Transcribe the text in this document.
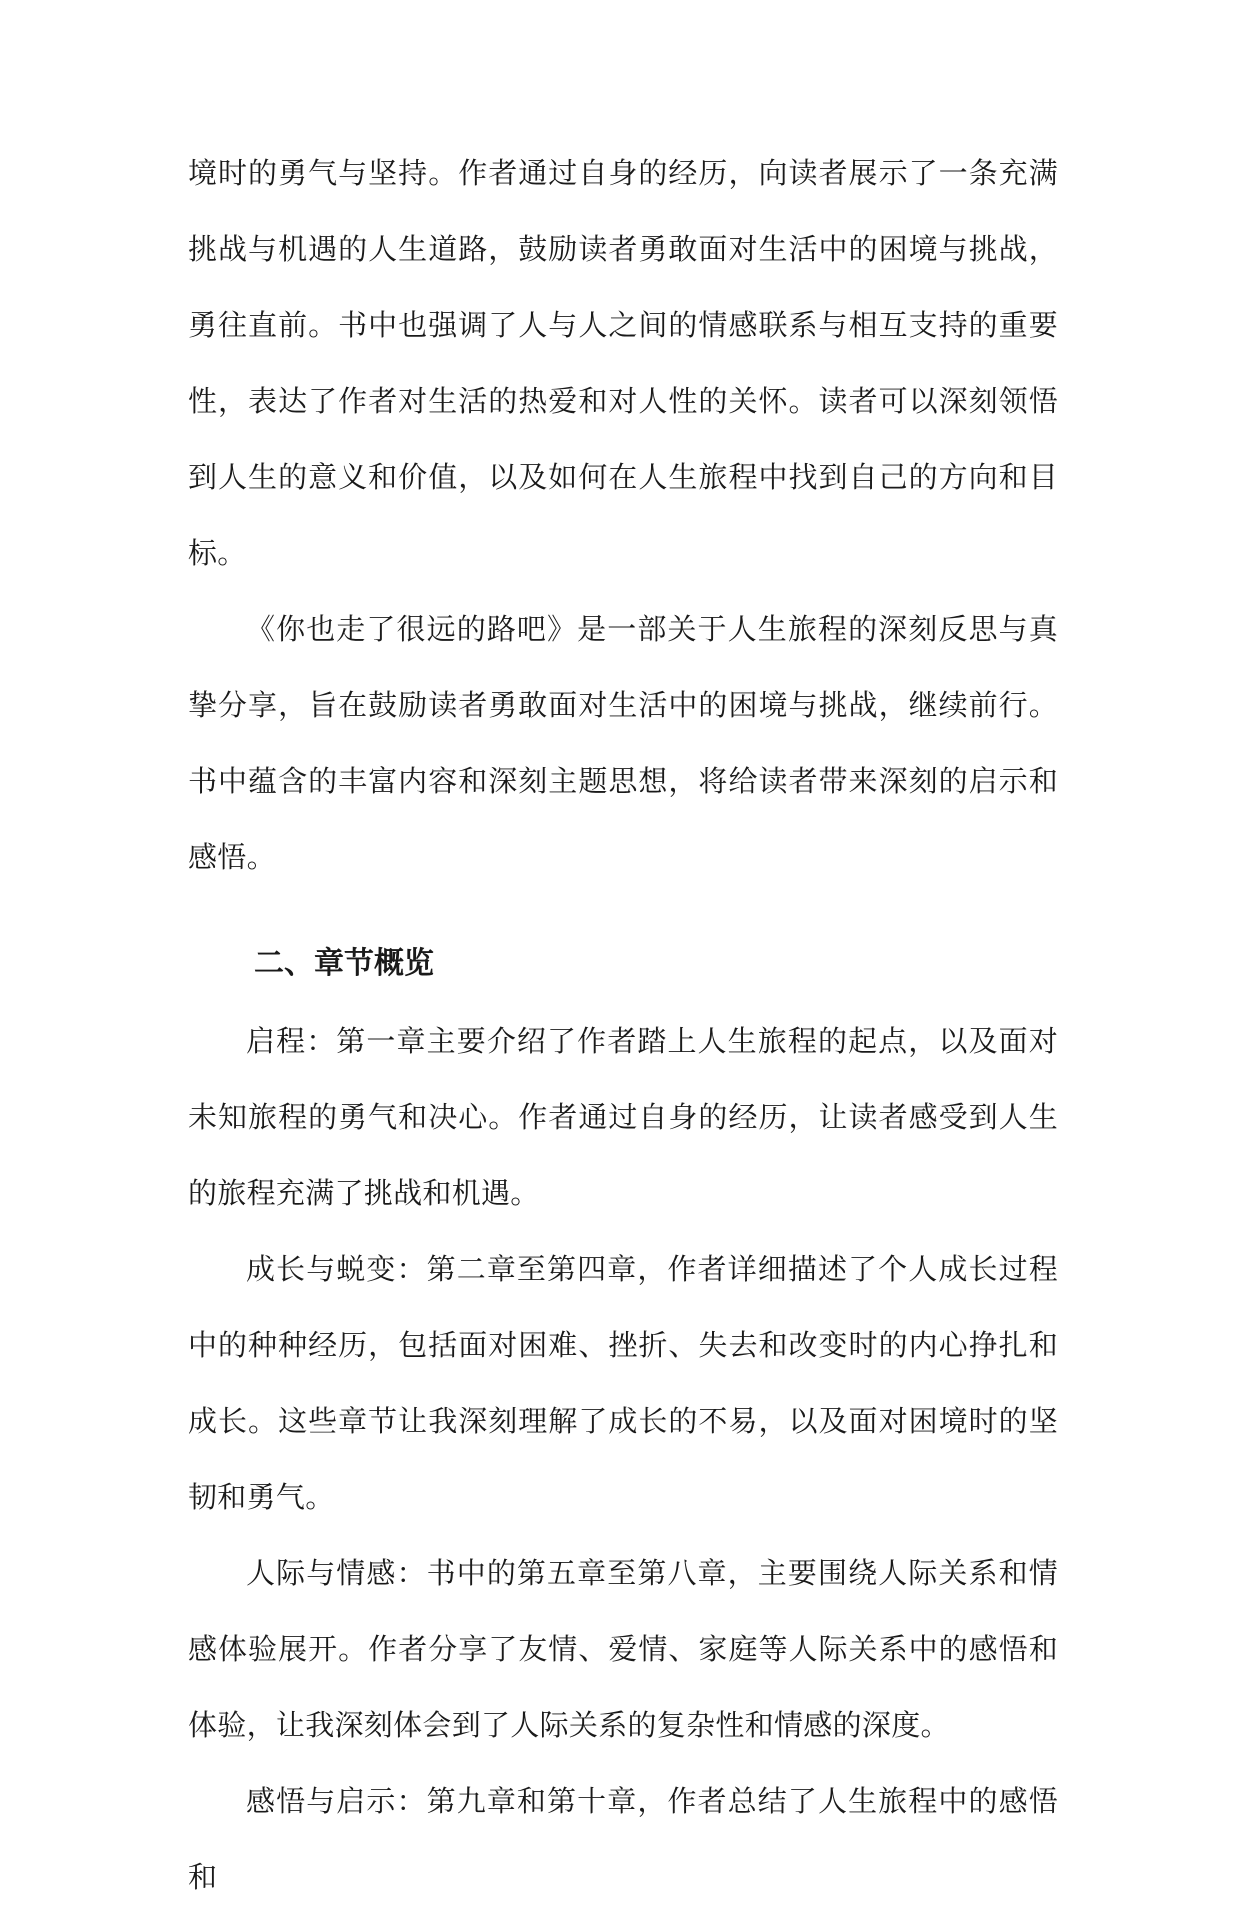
境时的勇气与坚持。作者通过自身的经历，向读者展示了一条充满挑战与机遇的人生道路，鼓励读者勇敢面对生活中的困境与挑战，勇往直前。书中也强调了人与人之间的情感联系与相互支持的重要性，表达了作者对生活的热爱和对人性的关怀。读者可以深刻领悟到人生的意义和价值，以及如何在人生旅程中找到自己的方向和目标。

《你也走了很远的路吧》是一部关于人生旅程的深刻反思与真挚分享，旨在鼓励读者勇敢面对生活中的困境与挑战，继续前行。书中蕴含的丰富内容和深刻主题思想，将给读者带来深刻的启示和感悟。

二、章节概览

启程：第一章主要介绍了作者踏上人生旅程的起点，以及面对未知旅程的勇气和决心。作者通过自身的经历，让读者感受到人生的旅程充满了挑战和机遇。

成长与蜕变：第二章至第四章，作者详细描述了个人成长过程中的种种经历，包括面对困难、挫折、失去和改变时的内心挣扎和成长。这些章节让我深刻理解了成长的不易，以及面对困境时的坚韧和勇气。

人际与情感：书中的第五章至第八章，主要围绕人际关系和情感体验展开。作者分享了友情、爱情、家庭等人际关系中的感悟和体验，让我深刻体会到了人际关系的复杂性和情感的深度。

感悟与启示：第九章和第十章，作者总结了人生旅程中的感悟和
